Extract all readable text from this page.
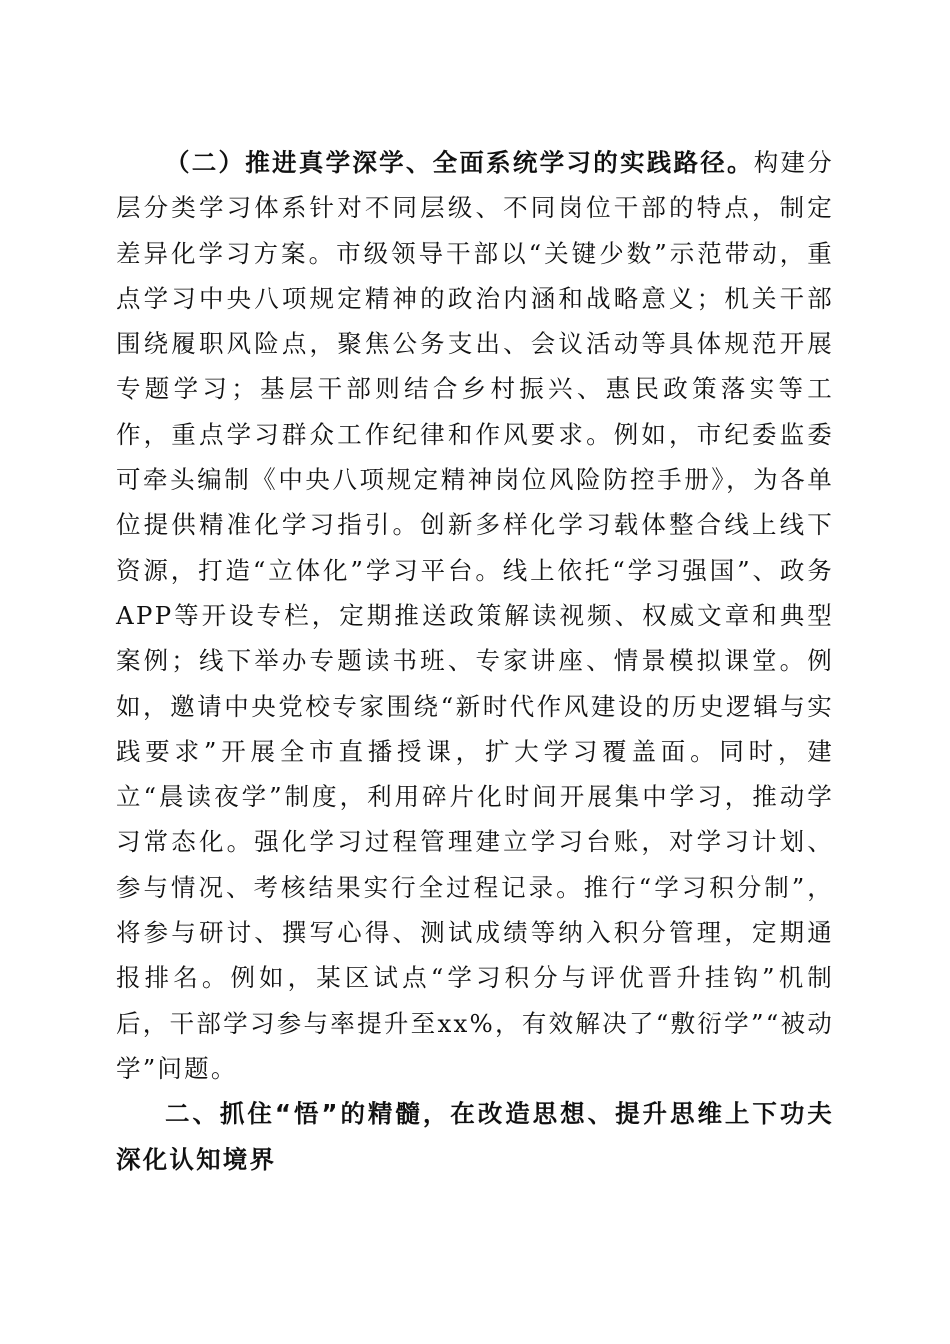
（二）推进真学深学、全面系统学习的实践路径。构建分层分类学习体系针对不同层级、不同岗位干部的特点，制定差异化学习方案。市级领导干部以“关键少数”示范带动，重点学习中央八项规定精神的政治内涵和战略意义；机关干部围绕履职风险点，聚焦公务支出、会议活动等具体规范开展专题学习；基层干部则结合乡村振兴、惠民政策落实等工作，重点学习群众工作纪律和作风要求。例如，市纪委监委可牵头编制《中央八项规定精神岗位风险防控手册》，为各单位提供精准化学习指引。创新多样化学习载体整合线上线下资源，打造“立体化”学习平台。线上依托“学习强国”、政务APP等开设专栏，定期推送政策解读视频、权威文章和典型案例；线下举办专题读书班、专家讲座、情景模拟课堂。例如，邀请中央党校专家围绕“新时代作风建设的历史逻辑与实践要求”开展全市直播授课，扩大学习覆盖面。同时，建立“晨读夜学”制度，利用碎片化时间开展集中学习，推动学习常态化。强化学习过程管理建立学习台账，对学习计划、参与情况、考核结果实行全过程记录。推行“学习积分制”，将参与研讨、撰写心得、测试成绩等纳入积分管理，定期通报排名。例如，某区试点“学习积分与评优晋升挂钩”机制后，干部学习参与率提升至xx%，有效解决了“敷衍学”“被动学”问题。

二、抓住“悟”的精髓，在改造思想、提升思维上下功夫深化认知境界
